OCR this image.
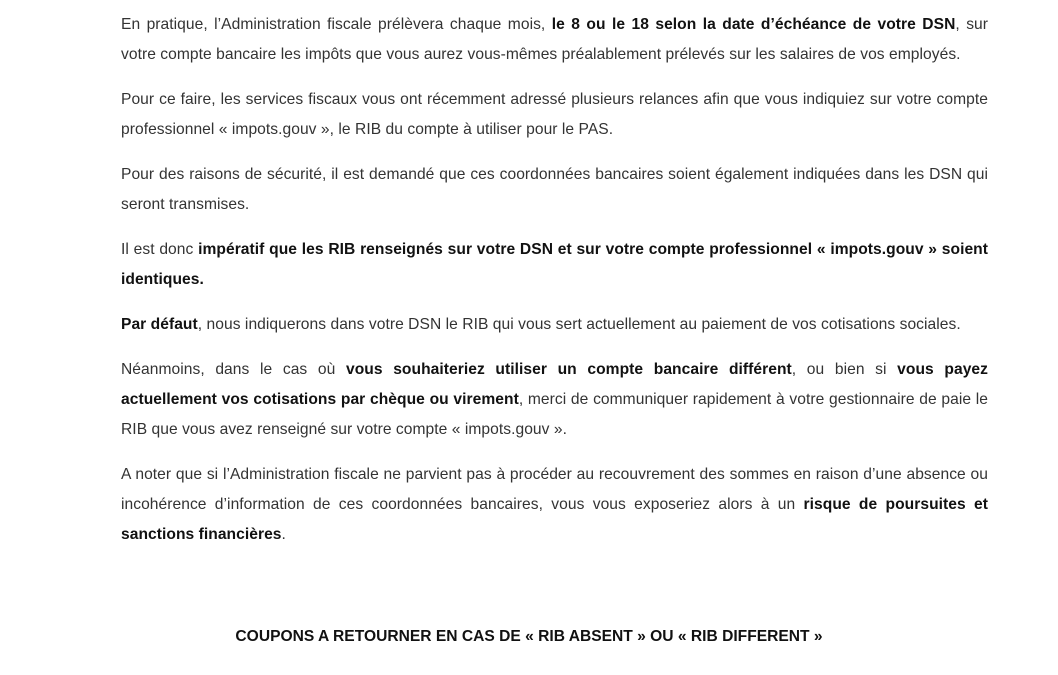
En pratique, l’Administration fiscale prélèvera chaque mois, le 8 ou le 18 selon la date d’échéance de votre DSN, sur votre compte bancaire les impôts que vous aurez vous-mêmes préalablement prélevés sur les salaires de vos employés.

Pour ce faire, les services fiscaux vous ont récemment adressé plusieurs relances afin que vous indiquiez sur votre compte professionnel « impots.gouv », le RIB du compte à utiliser pour le PAS.

Pour des raisons de sécurité, il est demandé que ces coordonnées bancaires soient également indiquées dans les DSN qui seront transmises.

Il est donc impératif que les RIB renseignés sur votre DSN et sur votre compte professionnel « impots.gouv » soient identiques.

Par défaut, nous indiquerons dans votre DSN le RIB qui vous sert actuellement au paiement de vos cotisations sociales.

Néanmoins, dans le cas où vous souhaiteriez utiliser un compte bancaire différent, ou bien si vous payez actuellement vos cotisations par chèque ou virement, merci de communiquer rapidement à votre gestionnaire de paie le RIB que vous avez renseigné sur votre compte « impots.gouv ».

A noter que si l’Administration fiscale ne parvient pas à procéder au recouvrement des sommes en raison d’une absence ou incohérence d’information de ces coordonnées bancaires, vous vous exposeriez alors à un risque de poursuites et sanctions financières.

COUPONS A RETOURNER EN CAS DE « RIB ABSENT » OU « RIB DIFFERENT »
